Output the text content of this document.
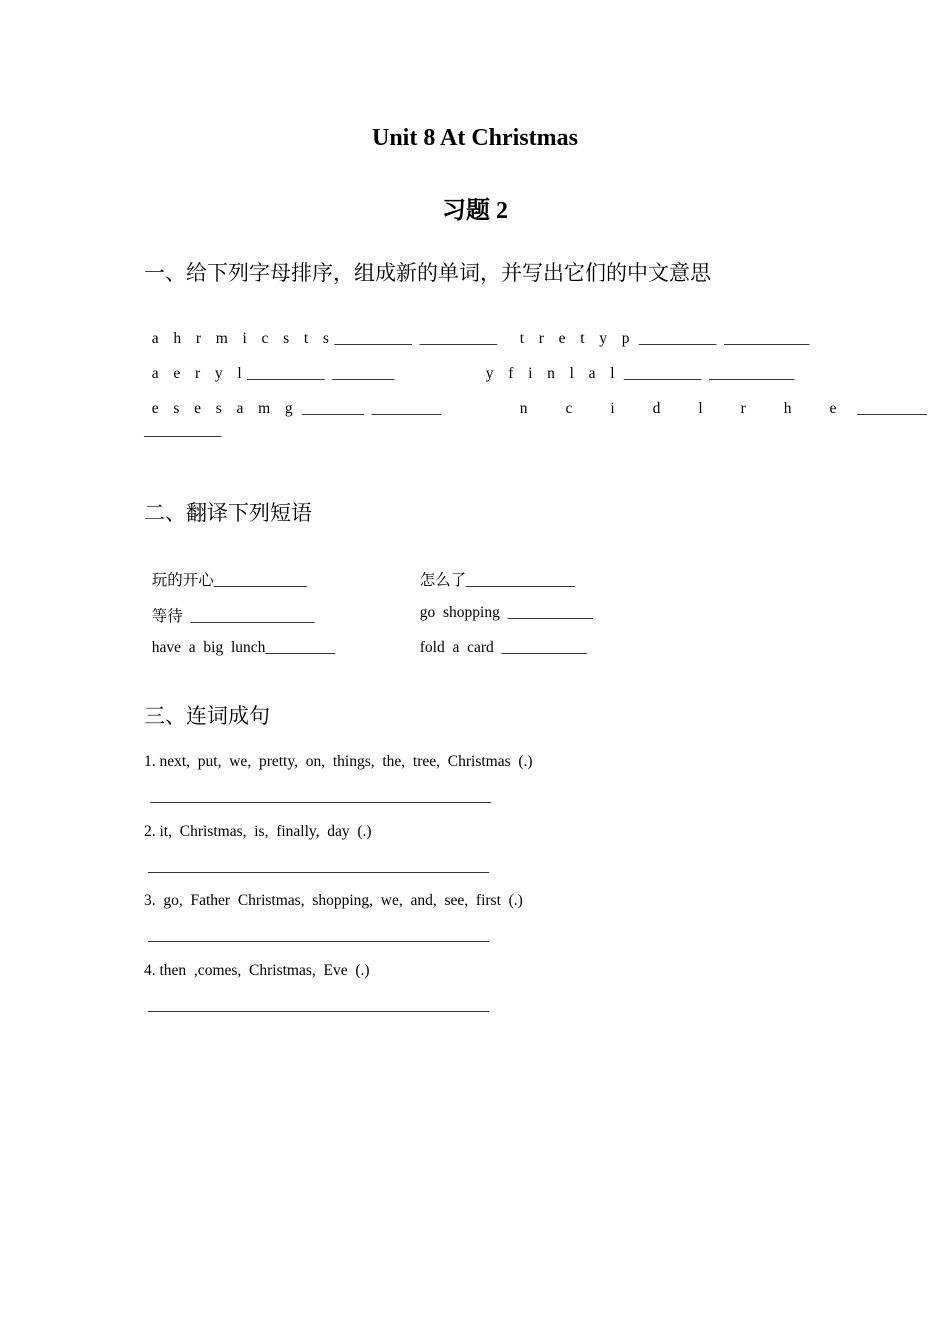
Unit 8 At Christmas
习题 2
一、给下列字母排序，组成新的单词，并写出它们的中文意思

a h r m i c s t s__________  __________	t r e t y p __________  ___________

a e r y l__________  ________	y f i n l a l __________  ___________

e s e s a m g ________  _________	n c i d l r h e _________

__________
二、翻译下列短语

玩的开心____________	怎么了______________

等待 ________________	go  shopping ___________

have  a  big  lunch_________	fold  a  card ___________

三、连词成句
1. next,  put,  we,  pretty,  on,  things,  the,  tree,  Christmas  (.)
____________________________________________
2. it,  Christmas,  is,  finally,  day  (.)
____________________________________________
3.  go,  Father  Christmas,  shopping,  we,  and,  see,  first  (.)
____________________________________________
4. then  ,comes,  Christmas,  Eve  (.)
____________________________________________
